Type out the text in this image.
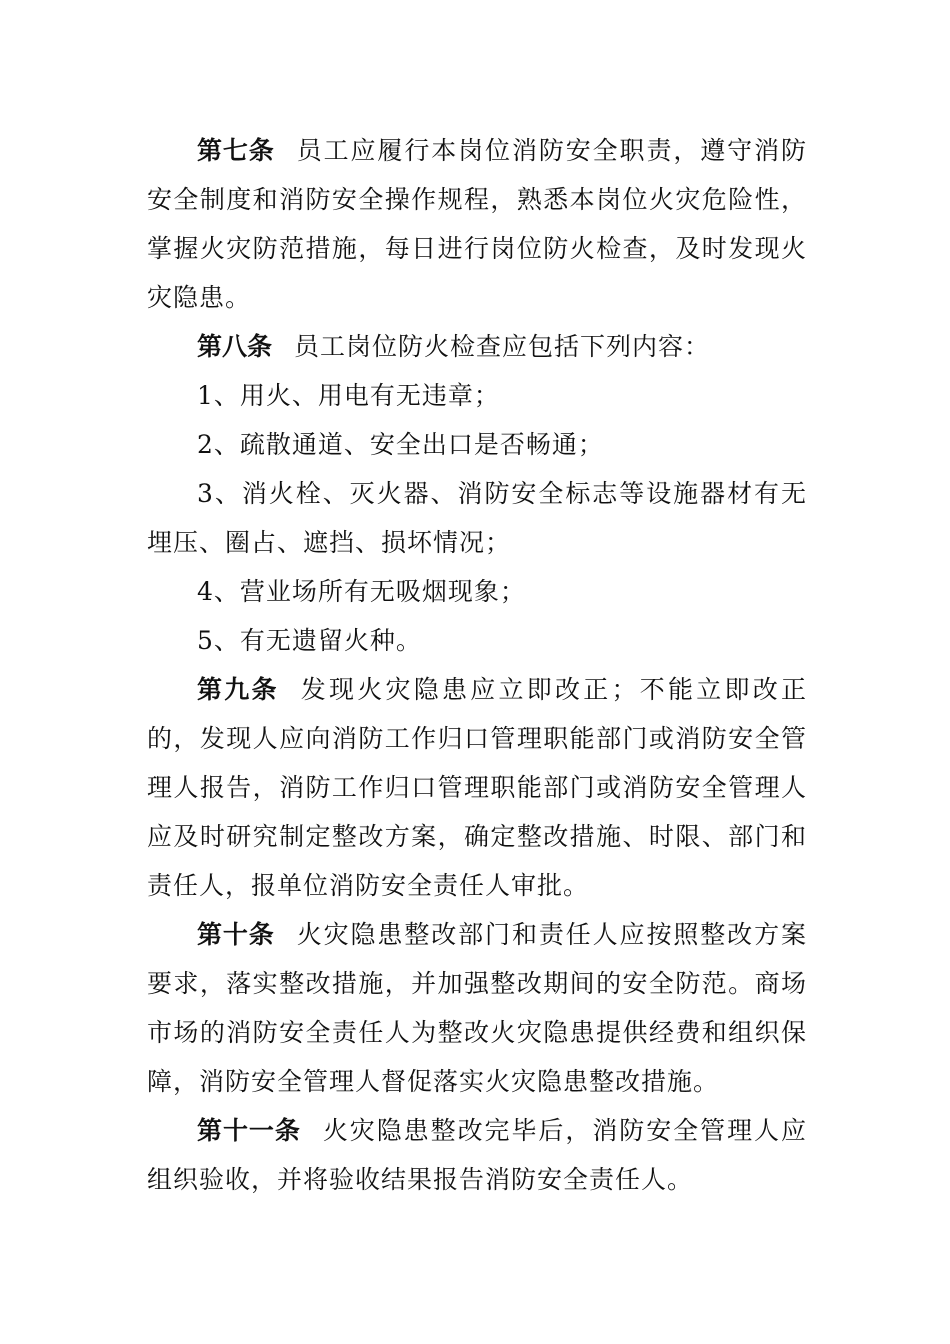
第七条 员工应履行本岗位消防安全职责，遵守消防安全制度和消防安全操作规程，熟悉本岗位火灾危险性，掌握火灾防范措施，每日进行岗位防火检查，及时发现火灾隐患。

第八条 员工岗位防火检查应包括下列内容：

1、用火、用电有无违章；

2、疏散通道、安全出口是否畅通；

3、消火栓、灭火器、消防安全标志等设施器材有无埋压、圈占、遮挡、损坏情况；

4、营业场所有无吸烟现象；

5、有无遗留火种。

第九条 发现火灾隐患应立即改正；不能立即改正的，发现人应向消防工作归口管理职能部门或消防安全管理人报告，消防工作归口管理职能部门或消防安全管理人应及时研究制定整改方案，确定整改措施、时限、部门和责任人，报单位消防安全责任人审批。

第十条 火灾隐患整改部门和责任人应按照整改方案要求，落实整改措施，并加强整改期间的安全防范。商场市场的消防安全责任人为整改火灾隐患提供经费和组织保障，消防安全管理人督促落实火灾隐患整改措施。

第十一条 火灾隐患整改完毕后，消防安全管理人应组织验收，并将验收结果报告消防安全责任人。
